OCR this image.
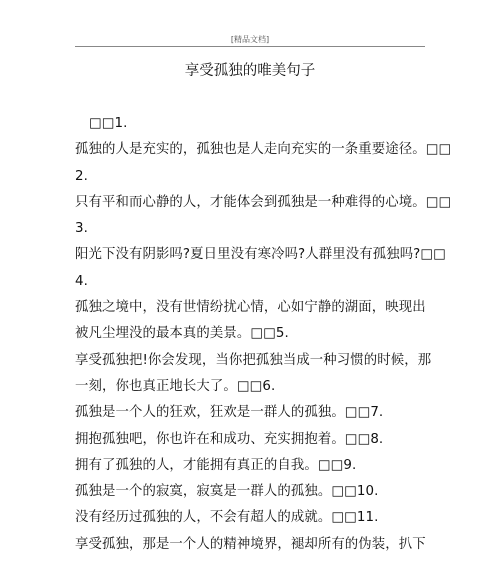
[精品文档]
享受孤独的唯美句子
□□1.
孤独的人是充实的，孤独也是人走向充实的一条重要途径。□□
2.
只有平和而心静的人，才能体会到孤独是一种难得的心境。□□
3.
阳光下没有阴影吗?夏日里没有寒冷吗?人群里没有孤独吗?□□
4.
孤独之境中，没有世情纷扰心情，心如宁静的湖面，映现出
被凡尘埋没的最本真的美景。□□5.
享受孤独把!你会发现，当你把孤独当成一种习惯的时候，那
一刻，你也真正地长大了。□□6.
孤独是一个人的狂欢，狂欢是一群人的孤独。□□7.
拥抱孤独吧，你也许在和成功、充实拥抱着。□□8.
拥有了孤独的人，才能拥有真正的自我。□□9.
孤独是一个的寂寞，寂寞是一群人的孤独。□□10.
没有经历过孤独的人，不会有超人的成就。□□11.
享受孤独，那是一个人的精神境界，褪却所有的伪装，扒下
